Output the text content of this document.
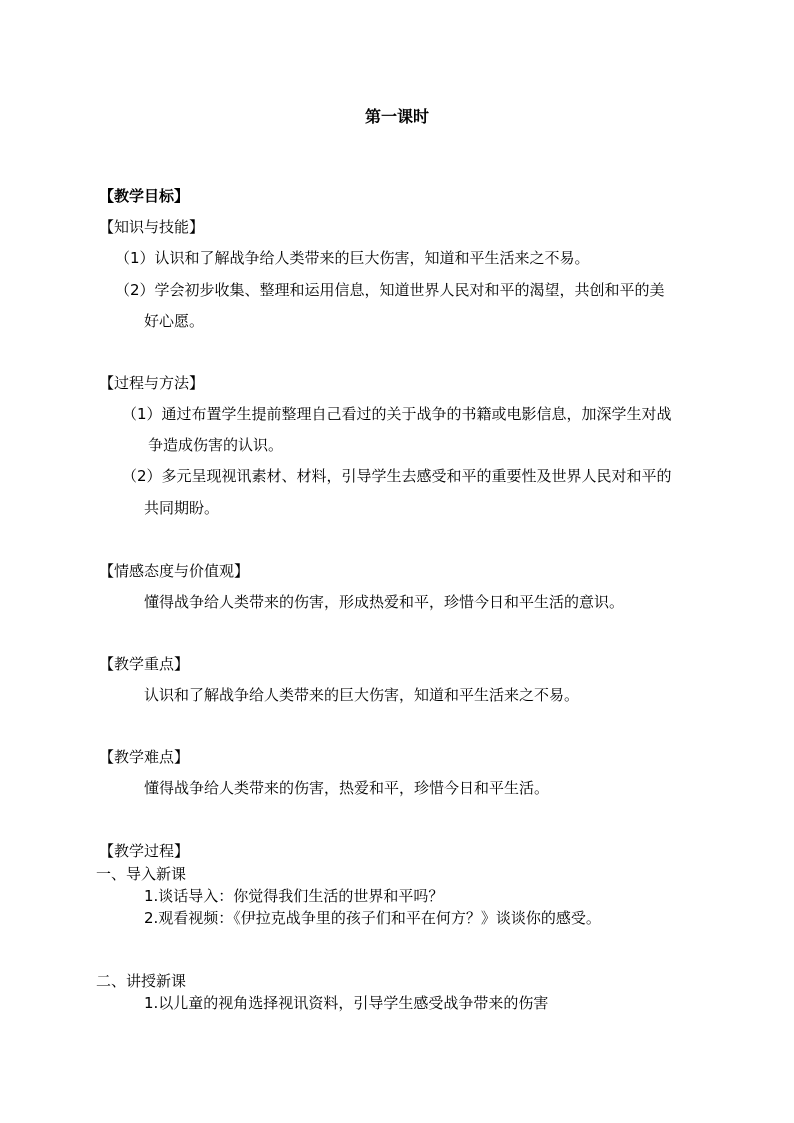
第一课时
【教学目标】
【知识与技能】
（1）认识和了解战争给人类带来的巨大伤害，知道和平生活来之不易。
（2）学会初步收集、整理和运用信息，知道世界人民对和平的渴望，共创和平的美
好心愿。
【过程与方法】
（1）通过布置学生提前整理自己看过的关于战争的书籍或电影信息，加深学生对战
争造成伤害的认识。
（2）多元呈现视讯素材、材料，引导学生去感受和平的重要性及世界人民对和平的
共同期盼。
【情感态度与价值观】
懂得战争给人类带来的伤害，形成热爱和平，珍惜今日和平生活的意识。
【教学重点】
认识和了解战争给人类带来的巨大伤害，知道和平生活来之不易。
【教学难点】
懂得战争给人类带来的伤害，热爱和平，珍惜今日和平生活。
【教学过程】
一、导入新课
1.谈话导入：你觉得我们生活的世界和平吗？
2.观看视频：《伊拉克战争里的孩子们和平在何方？》谈谈你的感受。
二、讲授新课
1.以儿童的视角选择视讯资料，引导学生感受战争带来的伤害
